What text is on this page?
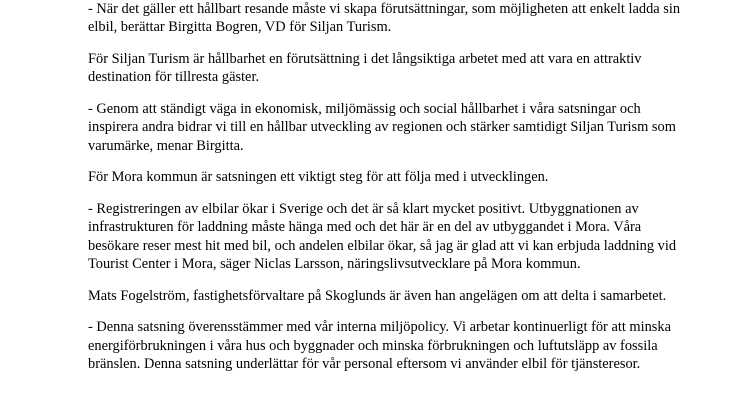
- När det gäller ett hållbart resande måste vi skapa förutsättningar, som möjligheten att enkelt ladda sin elbil, berättar Birgitta Bogren, VD för Siljan Turism.

För Siljan Turism är hållbarhet en förutsättning i det långsiktiga arbetet med att vara en attraktiv destination för tillresta gäster.

- Genom att ständigt väga in ekonomisk, miljömässig och social hållbarhet i våra satsningar och inspirera andra bidrar vi till en hållbar utveckling av regionen och stärker samtidigt Siljan Turism som varumärke, menar Birgitta.

För Mora kommun är satsningen ett viktigt steg för att följa med i utvecklingen.

- Registreringen av elbilar ökar i Sverige och det är så klart mycket positivt. Utbyggnationen av infrastrukturen för laddning måste hänga med och det här är en del av utbyggandet i Mora. Våra besökare reser mest hit med bil, och andelen elbilar ökar, så jag är glad att vi kan erbjuda laddning vid Tourist Center i Mora, säger Niclas Larsson, näringslivsutvecklare på Mora kommun.

Mats Fogelström, fastighetsförvaltare på Skoglunds är även han angelägen om att delta i samarbetet.

- Denna satsning överensstämmer med vår interna miljöpolicy. Vi arbetar kontinuerligt för att minska energiförbrukningen i våra hus och byggnader och minska förbrukningen och luftutsläpp av fossila bränslen. Denna satsning underlättar för vår personal eftersom vi använder elbil för tjänsteresor.
